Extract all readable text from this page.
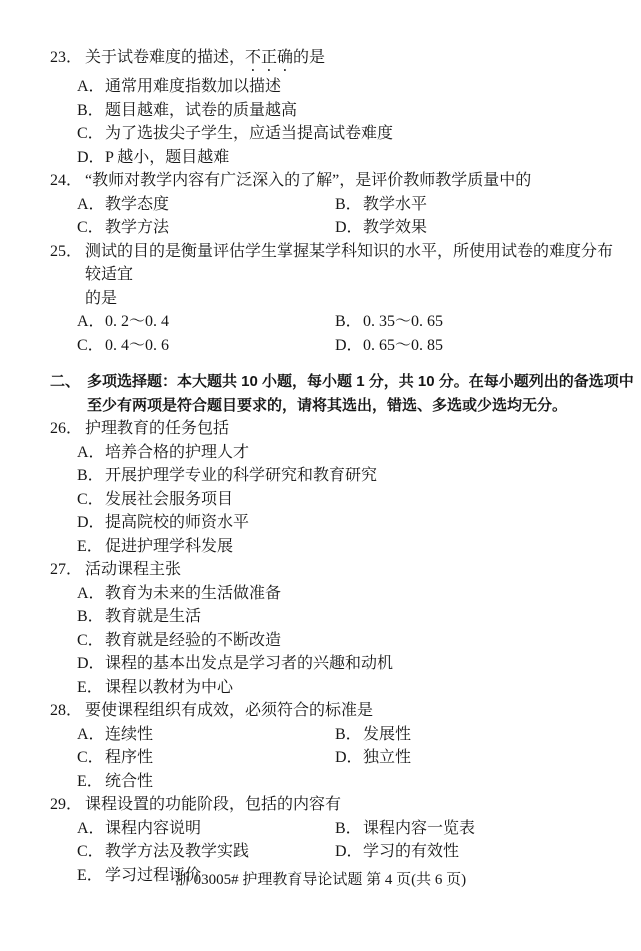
23． 关于试卷难度的描述，不正确的是
A． 通常用难度指数加以描述
B． 题目越难，试卷的质量越高
C． 为了选拔尖子学生，应适当提高试卷难度
D． P 越小，题目越难
24． “教师对教学内容有广泛深入的了解”，是评价教师教学质量中的
A． 教学态度	B． 教学水平
C． 教学方法	D． 教学效果
25． 测试的目的是衡量评估学生掌握某学科知识的水平，所使用试卷的难度分布较适宜
的是
A． 0. 2～0. 4	B． 0. 35～0. 65
C． 0. 4～0. 6	D． 0. 65～0. 85
二、 多项选择题：本大题共 10 小题，每小题 1 分，共 10 分。在每小题列出的备选项中
至少有两项是符合题目要求的，请将其选出，错选、多选或少选均无分。
26． 护理教育的任务包括
A． 培养合格的护理人才
B． 开展护理学专业的科学研究和教育研究
C． 发展社会服务项目
D． 提高院校的师资水平
E． 促进护理学科发展
27． 活动课程主张
A． 教育为未来的生活做准备
B． 教育就是生活
C． 教育就是经验的不断改造
D． 课程的基本出发点是学习者的兴趣和动机
E． 课程以教材为中心
28． 要使课程组织有成效，必须符合的标准是
A． 连续性	B． 发展性
C． 程序性	D． 独立性
E． 统合性
29． 课程设置的功能阶段，包括的内容有
A． 课程内容说明	B． 课程内容一览表
C． 教学方法及教学实践	D． 学习的有效性
E． 学习过程评价
浙 03005# 护理教育导论试题 第 4 页(共 6 页)
